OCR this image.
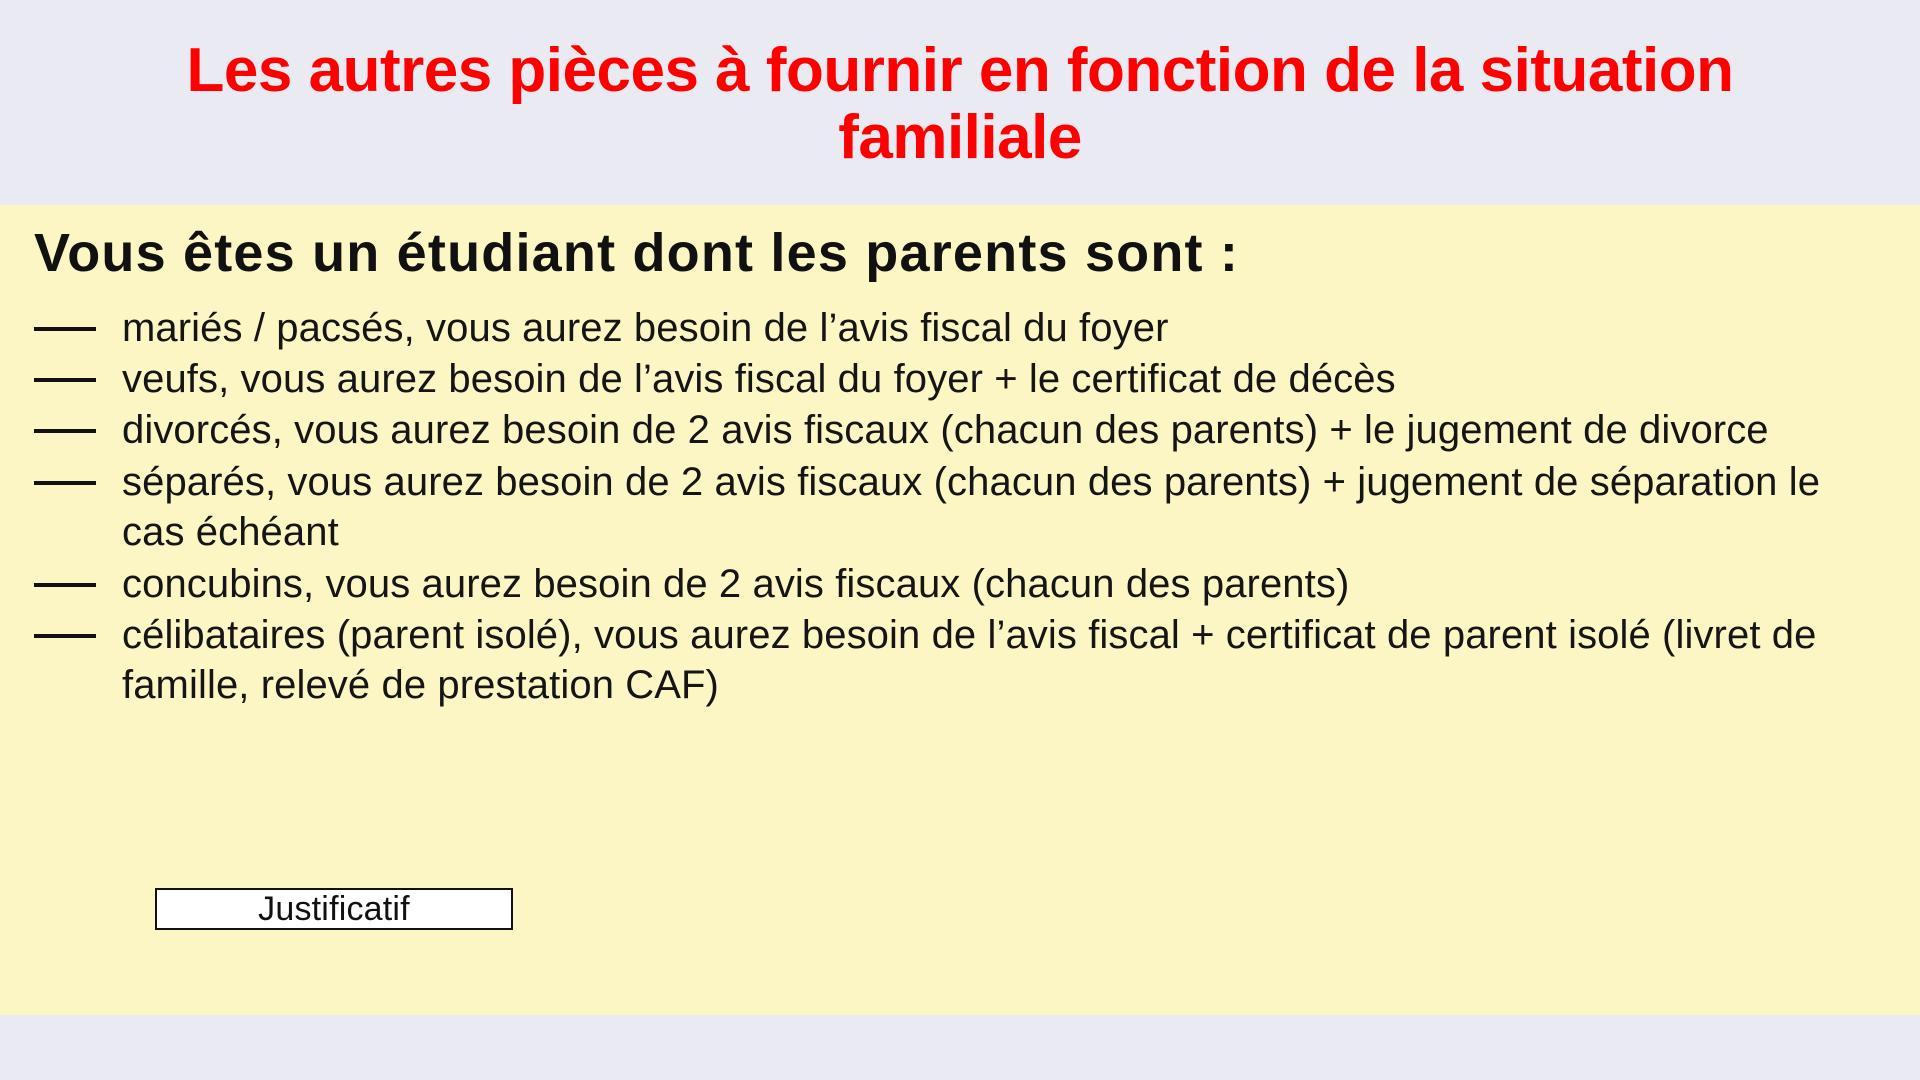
Les autres pièces à fournir en fonction de la situation familiale
Vous êtes un étudiant dont les parents sont :
mariés / pacsés, vous aurez besoin de l’avis fiscal du foyer
veufs, vous aurez besoin de l’avis fiscal du foyer + le certificat de décès
divorcés, vous aurez besoin de 2 avis fiscaux (chacun des parents) + le jugement de divorce
séparés, vous aurez besoin de 2 avis fiscaux (chacun des parents) + jugement de séparation le cas échéant
concubins, vous aurez besoin de 2 avis fiscaux (chacun des parents)
célibataires (parent isolé), vous aurez besoin de l’avis fiscal + certificat de parent isolé (livret de famille, relevé de prestation CAF)
Justificatif
